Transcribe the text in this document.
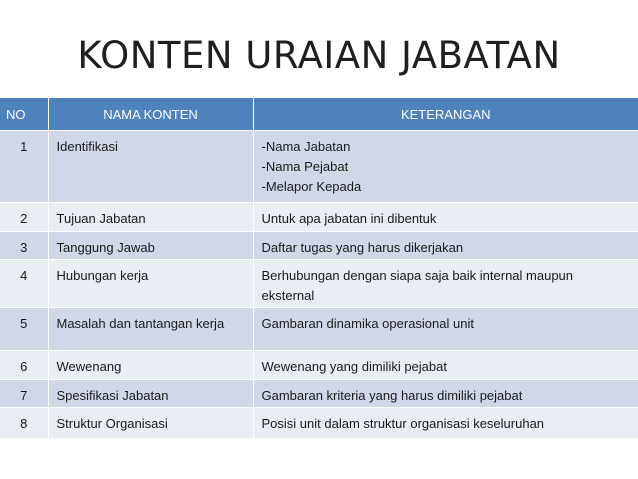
KONTEN URAIAN JABATAN
NO	NAMA KONTEN	KETERANGAN
1	Identifikasi	-Nama Jabatan
-Nama Pejabat
-Melapor Kepada

2	Tujuan Jabatan	Untuk apa jabatan ini dibentuk

3	Tanggung Jawab	Daftar tugas yang harus dikerjakan

4	Hubungan kerja	Berhubungan dengan siapa saja baik internal maupun
eksternal

5	Masalah dan tantangan kerja	Gambaran dinamika operasional unit

6	Wewenang	Wewenang yang dimiliki pejabat

7	Spesifikasi Jabatan	Gambaran kriteria yang harus dimiliki pejabat

8	Struktur Organisasi	Posisi unit dalam struktur organisasi keseluruhan
